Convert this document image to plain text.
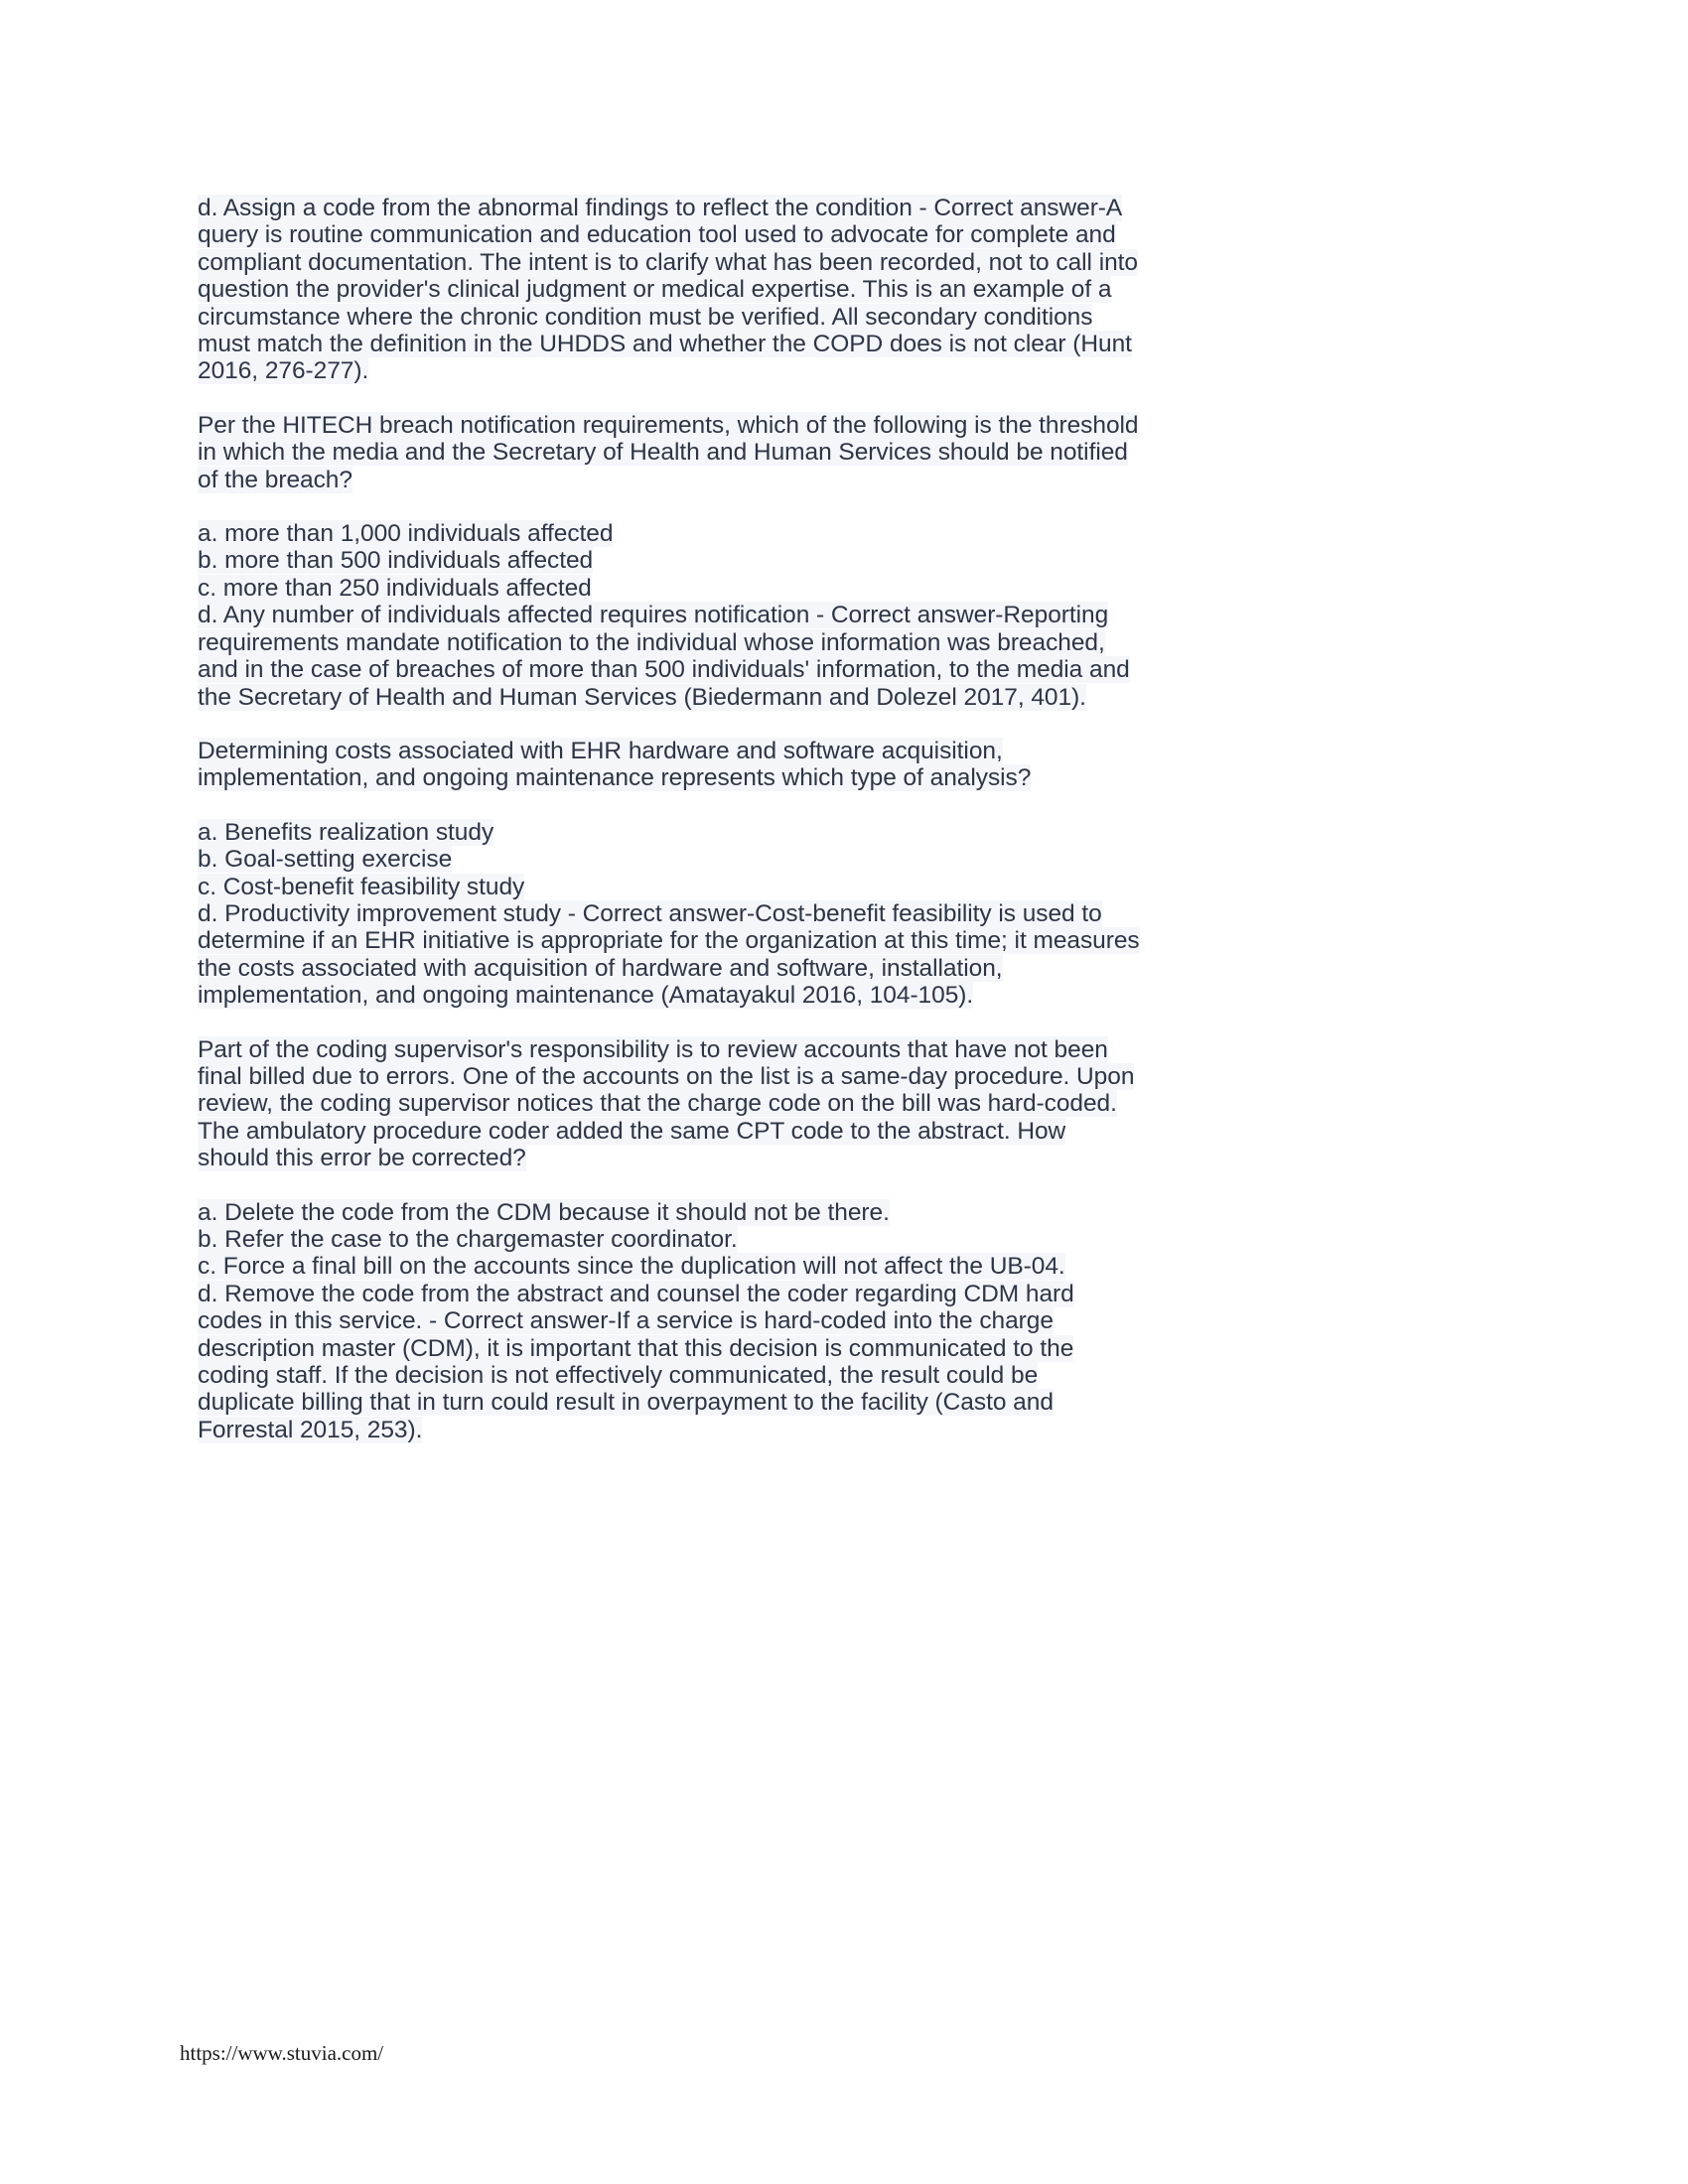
d. Assign a code from the abnormal findings to reflect the condition - Correct answer-A
query is routine communication and education tool used to advocate for complete and
compliant documentation. The intent is to clarify what has been recorded, not to call into
question the provider's clinical judgment or medical expertise. This is an example of a
circumstance where the chronic condition must be verified. All secondary conditions
must match the definition in the UHDDS and whether the COPD does is not clear (Hunt
2016, 276-277).
Per the HITECH breach notification requirements, which of the following is the threshold
in which the media and the Secretary of Health and Human Services should be notified
of the breach?
a. more than 1,000 individuals affected
b. more than 500 individuals affected
c. more than 250 individuals affected
d. Any number of individuals affected requires notification - Correct answer-Reporting
requirements mandate notification to the individual whose information was breached,
and in the case of breaches of more than 500 individuals' information, to the media and
the Secretary of Health and Human Services (Biedermann and Dolezel 2017, 401).
Determining costs associated with EHR hardware and software acquisition,
implementation, and ongoing maintenance represents which type of analysis?
a. Benefits realization study
b. Goal-setting exercise
c. Cost-benefit feasibility study
d. Productivity improvement study - Correct answer-Cost-benefit feasibility is used to
determine if an EHR initiative is appropriate for the organization at this time; it measures
the costs associated with acquisition of hardware and software, installation,
implementation, and ongoing maintenance (Amatayakul 2016, 104-105).
Part of the coding supervisor's responsibility is to review accounts that have not been
final billed due to errors. One of the accounts on the list is a same-day procedure. Upon
review, the coding supervisor notices that the charge code on the bill was hard-coded.
The ambulatory procedure coder added the same CPT code to the abstract. How
should this error be corrected?
a. Delete the code from the CDM because it should not be there.
b. Refer the case to the chargemaster coordinator.
c. Force a final bill on the accounts since the duplication will not affect the UB-04.
d. Remove the code from the abstract and counsel the coder regarding CDM hard
codes in this service. - Correct answer-If a service is hard-coded into the charge
description master (CDM), it is important that this decision is communicated to the
coding staff. If the decision is not effectively communicated, the result could be
duplicate billing that in turn could result in overpayment to the facility (Casto and
Forrestal 2015, 253).
https://www.stuvia.com/
